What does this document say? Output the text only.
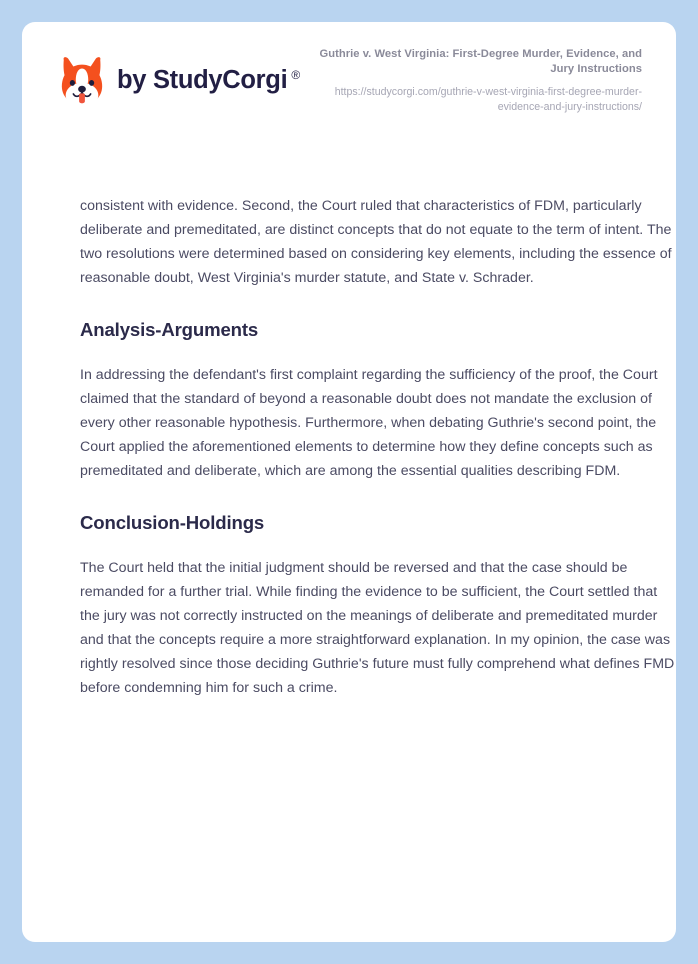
by StudyCorgi ®
Guthrie v. West Virginia: First-Degree Murder, Evidence, and Jury Instructions
https://studycorgi.com/guthrie-v-west-virginia-first-degree-murder-evidence-and-jury-instructions/

consistent with evidence. Second, the Court ruled that characteristics of FDM, particularly deliberate and premeditated, are distinct concepts that do not equate to the term of intent. The two resolutions were determined based on considering key elements, including the essence of reasonable doubt, West Virginia's murder statute, and State v. Schrader.

Analysis-Arguments

In addressing the defendant's first complaint regarding the sufficiency of the proof, the Court claimed that the standard of beyond a reasonable doubt does not mandate the exclusion of every other reasonable hypothesis. Furthermore, when debating Guthrie's second point, the Court applied the aforementioned elements to determine how they define concepts such as premeditated and deliberate, which are among the essential qualities describing FDM.

Conclusion-Holdings

The Court held that the initial judgment should be reversed and that the case should be remanded for a further trial. While finding the evidence to be sufficient, the Court settled that the jury was not correctly instructed on the meanings of deliberate and premeditated murder and that the concepts require a more straightforward explanation. In my opinion, the case was rightly resolved since those deciding Guthrie's future must fully comprehend what defines FMD before condemning him for such a crime.
